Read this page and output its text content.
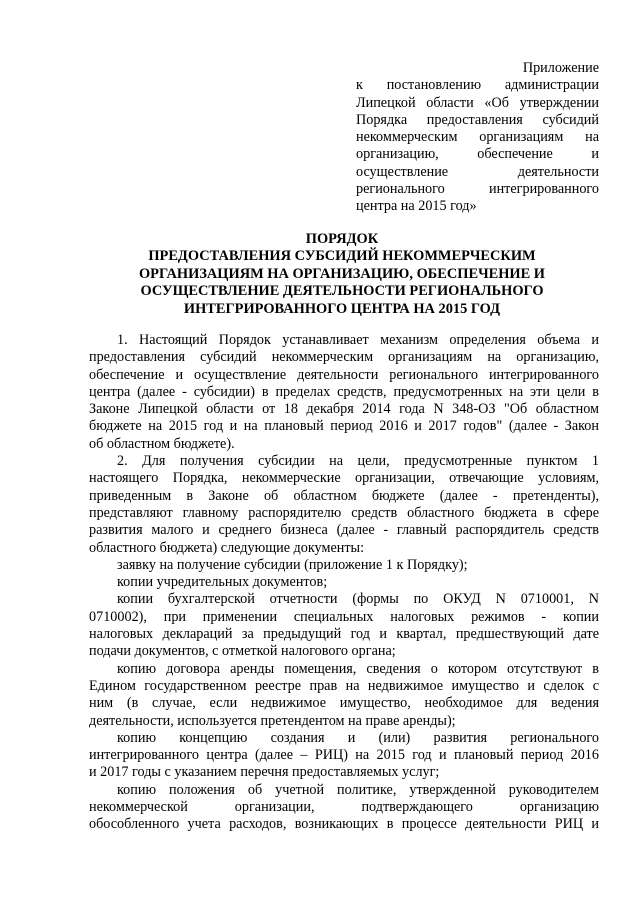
Приложение
к постановлению администрации
Липецкой области «Об утверждении
Порядка предоставления субсидий
некоммерческим организациям на
организацию, обеспечение и
осуществление деятельности
регионального интегрированного
центра на 2015 год»
ПОРЯДОК
ПРЕДОСТАВЛЕНИЯ СУБСИДИЙ НЕКОММЕРЧЕСКИМ
ОРГАНИЗАЦИЯМ НА ОРГАНИЗАЦИЮ, ОБЕСПЕЧЕНИЕ И
ОСУЩЕСТВЛЕНИЕ ДЕЯТЕЛЬНОСТИ РЕГИОНАЛЬНОГО
ИНТЕГРИРОВАННОГО ЦЕНТРА НА 2015 ГОД
1. Настоящий Порядок устанавливает механизм определения объема и
предоставления субсидий некоммерческим организациям на организацию,
обеспечение и осуществление деятельности регионального интегрированного
центра (далее - субсидии) в пределах средств, предусмотренных на эти цели в
Законе Липецкой области от 18 декабря 2014 года N 348-ОЗ "Об областном
бюджете на 2015 год и на плановый период 2016 и 2017 годов" (далее - Закон
об областном бюджете).
2. Для получения субсидии на цели, предусмотренные пунктом 1
настоящего Порядка, некоммерческие организации, отвечающие условиям,
приведенным в Законе об областном бюджете (далее - претенденты),
представляют главному распорядителю средств областного бюджета в сфере
развития малого и среднего бизнеса (далее - главный распорядитель средств
областного бюджета) следующие документы:
заявку на получение субсидии (приложение 1 к Порядку);
копии учредительных документов;
копии бухгалтерской отчетности (формы по ОКУД N 0710001, N
0710002), при применении специальных налоговых режимов - копии
налоговых деклараций за предыдущий год и квартал, предшествующий дате
подачи документов, с отметкой налогового органа;
копию договора аренды помещения, сведения о котором отсутствуют в
Едином государственном реестре прав на недвижимое имущество и сделок с
ним (в случае, если недвижимое имущество, необходимое для ведения
деятельности, используется претендентом на праве аренды);
копию концепцию создания и (или) развития регионального
интегрированного центра (далее – РИЦ) на 2015 год и плановый период 2016
и 2017 годы с указанием перечня предоставляемых услуг;
копию положения об учетной политике, утвержденной руководителем
некоммерческой организации, подтверждающего организацию
обособленного учета расходов, возникающих в процессе деятельности РИЦ и
